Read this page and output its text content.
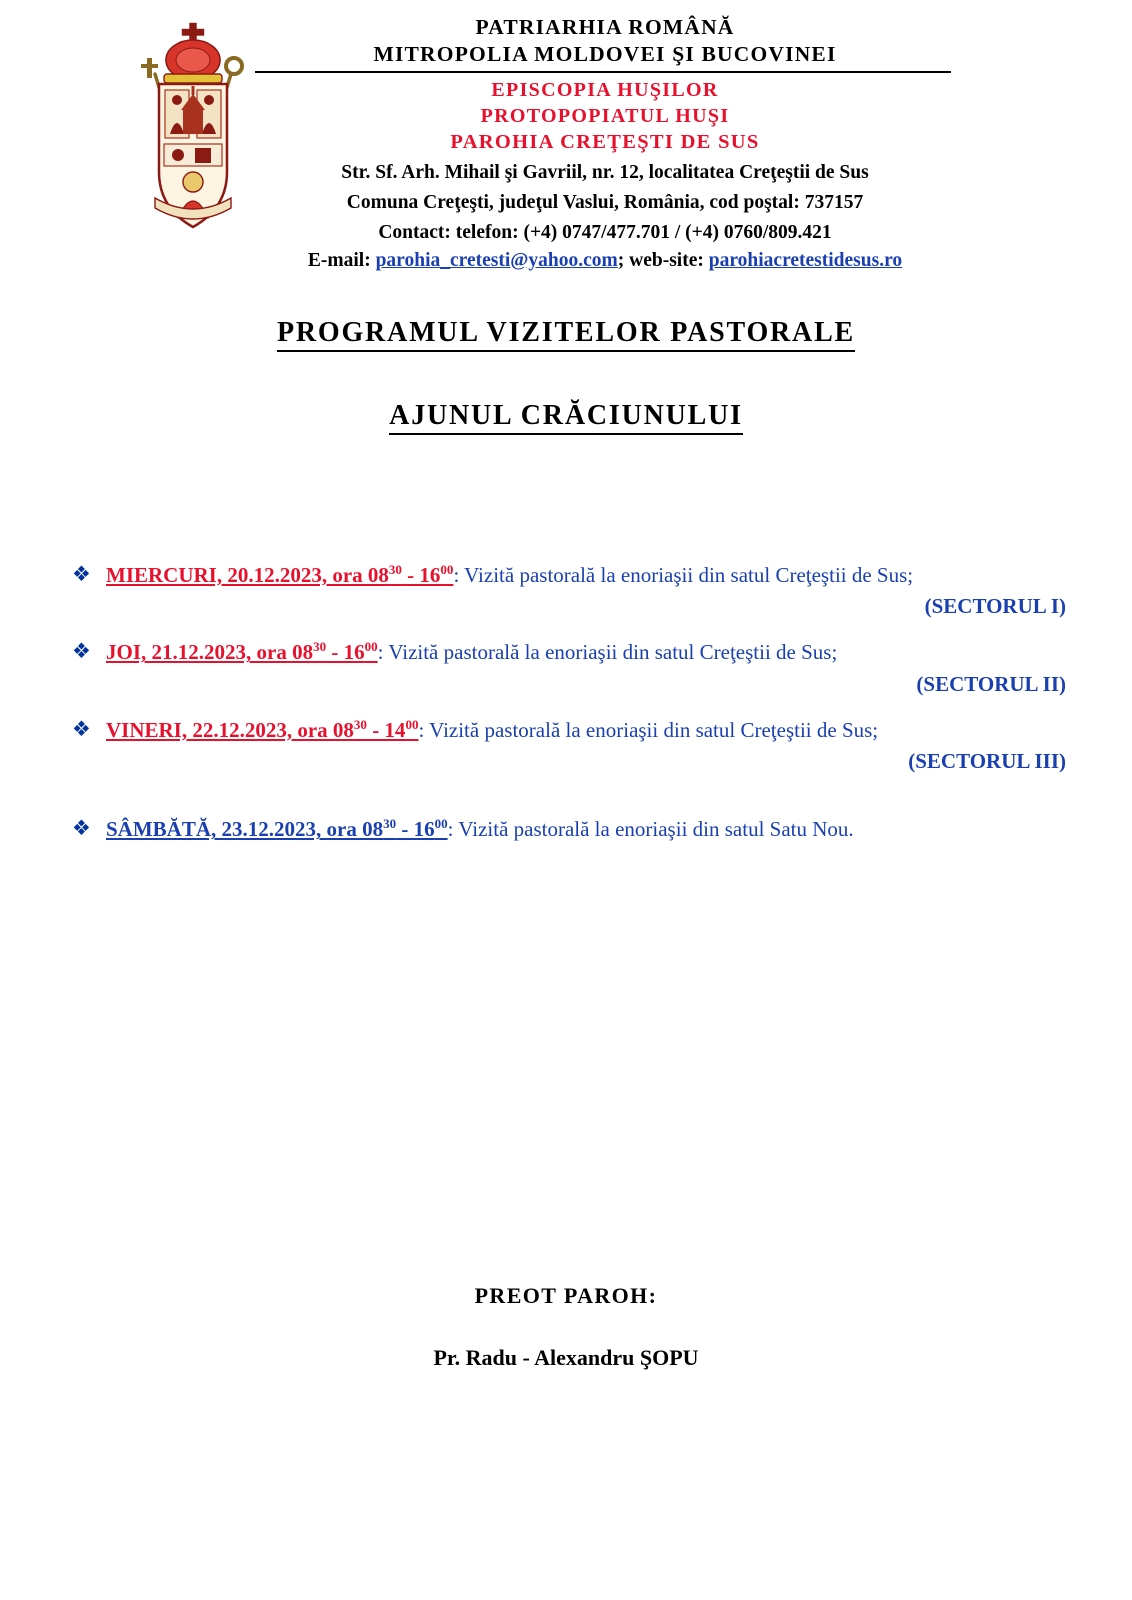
PATRIARHIA ROMÂNĂ
MITROPOLIA MOLDOVEI ŞI BUCOVINEI
EPISCOPIA HUŞILOR
PROTOPOPIATUL HUŞI
PAROHIA CREŢEŞTI DE SUS
Str. Sf. Arh. Mihail şi Gavriil, nr. 12, localitatea Creţeştii de Sus
Comuna Creţeşti, judeţul Vaslui, România, cod poştal: 737157
Contact: telefon: (+4) 0747/477.701 / (+4) 0760/809.421
E-mail: parohia_cretesti@yahoo.com; web-site: parohiacretestidesus.ro
PROGRAMUL VIZITELOR PASTORALE
AJUNUL CRĂCIUNULUI
❖ MIERCURI, 20.12.2023, ora $08^{30} - 16^{00}$: Vizită pastorală la enoriaşii din satul Creţeştii de Sus;
(SECTORUL I)
❖ JOI, 21.12.2023, ora $08^{30} - 16^{00}$: Vizită pastorală la enoriaşii din satul Creţeştii de Sus;
(SECTORUL II)
❖ VINERI, 22.12.2023, ora $08^{30} - 14^{00}$: Vizită pastorală la enoriaşii din satul Creţeştii de Sus;
(SECTORUL III)
❖ SÂMBĂTĂ, 23.12.2023, ora $08^{30} - 16^{00}$: Vizită pastorală la enoriaşii din satul Satu Nou.
PREOT PAROH:
Pr. Radu - Alexandru ŞOPU
